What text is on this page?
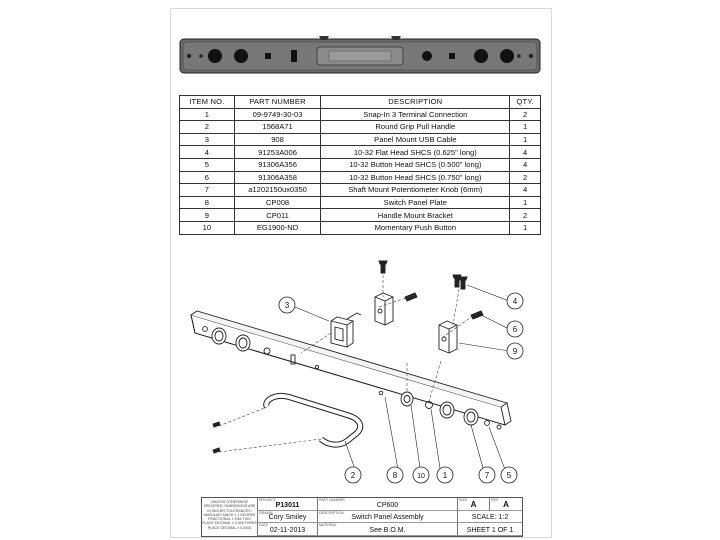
ITEM NO.	PART NUMBER	DESCRIPTION	QTY.
1	09-9749-30-03	Snap-In 3 Terminal Connection	2
2	1568A71	Round Grip Pull Handle	1
3	908	Panel Mount USB Cable	1
4	91253A006	10-32 Flat Head SHCS (0.625" long)	4
5	91306A356	10-32 Button Head SHCS (0.500" long)	4
6	91306A358	10-32 Button Head SHCS (0.750" long)	2
7	a1202150ux0350	Shaft Mount Potentiometer Knob (6mm)	4
8	CP008	Switch Panel Plate	1
9	CP011	Handle Mount Bracket	2
10	EG1900-ND	Momentary Push Button	1
3	4
6
9
2	8	10 1	7 5
UNLESS OTHERWISE SPECIFIED: DIMENSIONS ARE IN INCHES TOLERANCES: ANGULAR: MACH ± 1 DEGREE FRACTIONAL ± 1/64 TWO PLACE DECIMAL ± 0.005 THREE PLACE DECIMAL ± 0.0005
PROJECT
P13011
DRAWN
Cory Smiley
DATE
02-11-2013
PART NUMBER
CP600
DESCRIPTION
Switch Panel Assembly
MATERIAL
See B.O.M.
SIZE A	REV A
SCALE: 1:2
SHEET 1 OF 1
